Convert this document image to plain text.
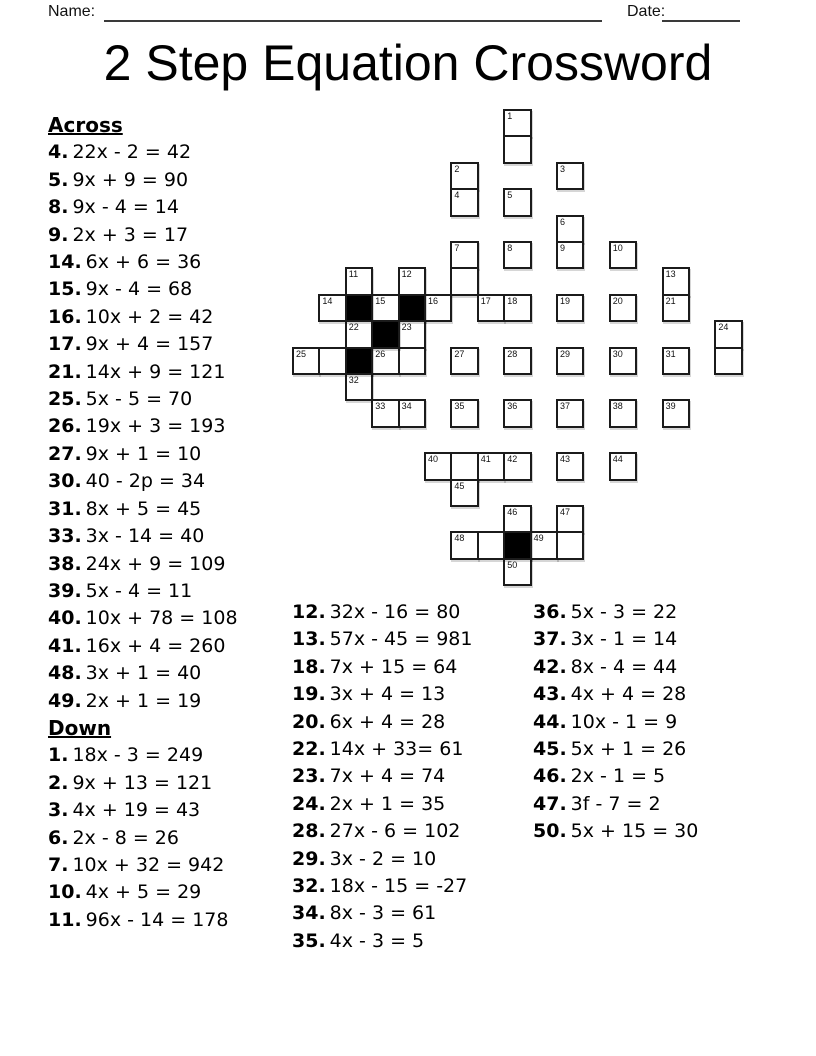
Name:	Date:
2 Step Equation Crossword
1
2	3
4	5
6
7	8	9	10
11	12	13
14	15	16	17 18	19	20	21
22	23	24
25	26	27	28	29	30	31
32
33 34	35	36	37	38	39
40	41 42	43	44
45
46	47
48	49
50
Across
4. 22x - 2 = 42
5. 9x + 9 = 90
8. 9x - 4 = 14
9. 2x + 3 = 17
14. 6x + 6 = 36
15. 9x - 4 = 68
16. 10x + 2 = 42
17. 9x + 4 = 157
21. 14x + 9 = 121
25. 5x - 5 = 70
26. 19x + 3 = 193
27. 9x + 1 = 10
30. 40 - 2p = 34
31. 8x + 5 = 45
33. 3x - 14 = 40
38. 24x + 9 = 109
39. 5x - 4 = 11
40. 10x + 78 = 108
41. 16x + 4 = 260
48. 3x + 1 = 40
49. 2x + 1 = 19
Down
1. 18x - 3 = 249
2. 9x + 13 = 121
3. 4x + 19 = 43
6. 2x - 8 = 26
7. 10x + 32 = 942
10. 4x + 5 = 29
11. 96x - 14 = 178
12. 32x - 16 = 80
13. 57x - 45 = 981
18. 7x + 15 = 64
19. 3x + 4 = 13
20. 6x + 4 = 28
22. 14x + 33= 61
23. 7x + 4 = 74
24. 2x + 1 = 35
28. 27x - 6 = 102
29. 3x - 2 = 10
32. 18x - 15 = -27
34. 8x - 3 = 61
35. 4x - 3 = 5
36. 5x - 3 = 22
37. 3x - 1 = 14
42. 8x - 4 = 44
43. 4x + 4 = 28
44. 10x - 1 = 9
45. 5x + 1 = 26
46. 2x - 1 = 5
47. 3f - 7 = 2
50. 5x + 15 = 30
